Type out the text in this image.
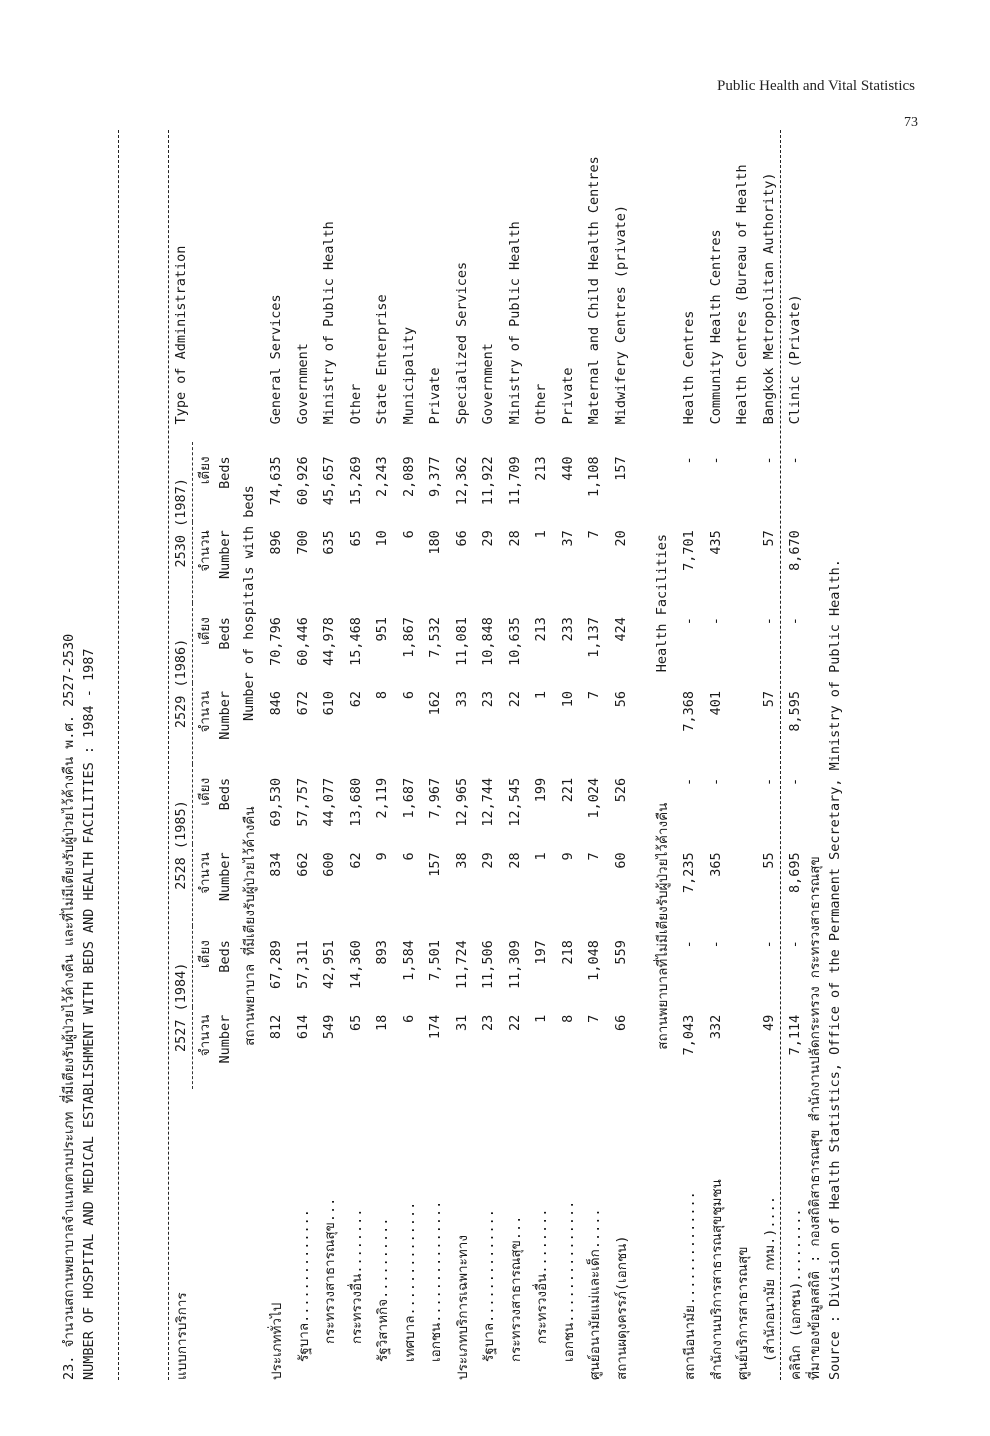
Public Health and Vital Statistics
73
23. จำนวนสถานพยาบาลจำแนกตามประเภท ที่มีเตียงรับผู้ป่วยไว้ค้างคืน และที่ไม่มีเตียงรับผู้ป่วยไว้ค้างคืน พ.ศ. 2527-2530 NUMBER OF HOSPITAL AND MEDICAL ESTABLISHMENT WITH BEDS AND HEALTH FACILITIES : 1984 - 1987	แบบการบริการ	2527 (1984)		2528 (1985)		2529 (1986)		2530 (1987)		Type of Administration
	จำนวน	เตียง	จำนวน	เตียง	จำนวน	เตียง	จำนวน	เตียง	
	Number	Beds	Number	Beds	Number	Beds	Number	Beds	
	สถานพยาบาล ที่มีเตียงรับผู้ป่วยไว้ค้างคืน				Number of hospitals with beds				
ประเภททั่วไป	812	67,289	834	69,530	846	70,796	896	74,635	General Services
รัฐบาล..............	614	57,311	662	57,757	672	60,446	700	60,926	Government
กระทรวงสาธารณสุข...	549	42,951	600	44,077	610	44,978	635	45,657	Ministry of Public Health
กระทรวงอื่น........	65	14,360	62	13,680	62	15,468	65	15,269	Other
รัฐวิสาหกิจ..........	18	893	9	2,119	8	951	10	2,243	State Enterprise
เทศบาล..............	6	1,584	6	1,687	6	1,867	6	2,089	Municipality
เอกชน...............	174	7,501	157	7,967	162	7,532	180	9,377	Private
ประเภทบริการเฉพาะทาง	31	11,724	38	12,965	33	11,081	66	12,362	Specialized Services
รัฐบาล..............	23	11,506	29	12,744	23	10,848	29	11,922	Government
กระทรวงสาธารณสุข...	22	11,309	28	12,545	22	10,635	28	11,709	Ministry of Public Health
กระทรวงอื่น........	1	197	1	199	1	213	1	213	Other
เอกชน...............	8	218	9	221	10	233	37	440	Private
ศูนย์อนามัยแม่และเด็ก.....	7	1,048	7	1,024	7	1,137	7	1,108	Maternal and Child Health Centres
สถานผดุงครรภ์(เอกชน)	66	559	60	526	56	424	20	157	Midwifery Centres (private)

	สถานพยาบาลที่ไม่มีเตียงรับผู้ป่วยไว้ค้างคืน				Health Facilities				
สถานีอนามัย..............	7,043	-	7,235	-	7,368	-	7,701	-	Health Centres
สำนักงานบริการสาธารณสุขชุมชน	332	-	365	-	401	-	435	-	Community Health Centres
ศูนย์บริการสาธารณสุข									Health Centres (Bureau of Health
(สำนักอนามัย กทม.)....	49	-	55	-	57	-	57	-	Bangkok Metropolitan Authority)
คลินิก (เอกชน).........	7,114	-	8,695	-	8,595	-	8,670	-	Clinic (Private)
ที่มาของข้อมูลสถิติ : กองสถิติสาธารณสุข สำนักงานปลัดกระทรวง กระทรวงสาธารณสุข Source : Division of Health Statistics, Office of the Permanent Secretary, Ministry of Public Health.
